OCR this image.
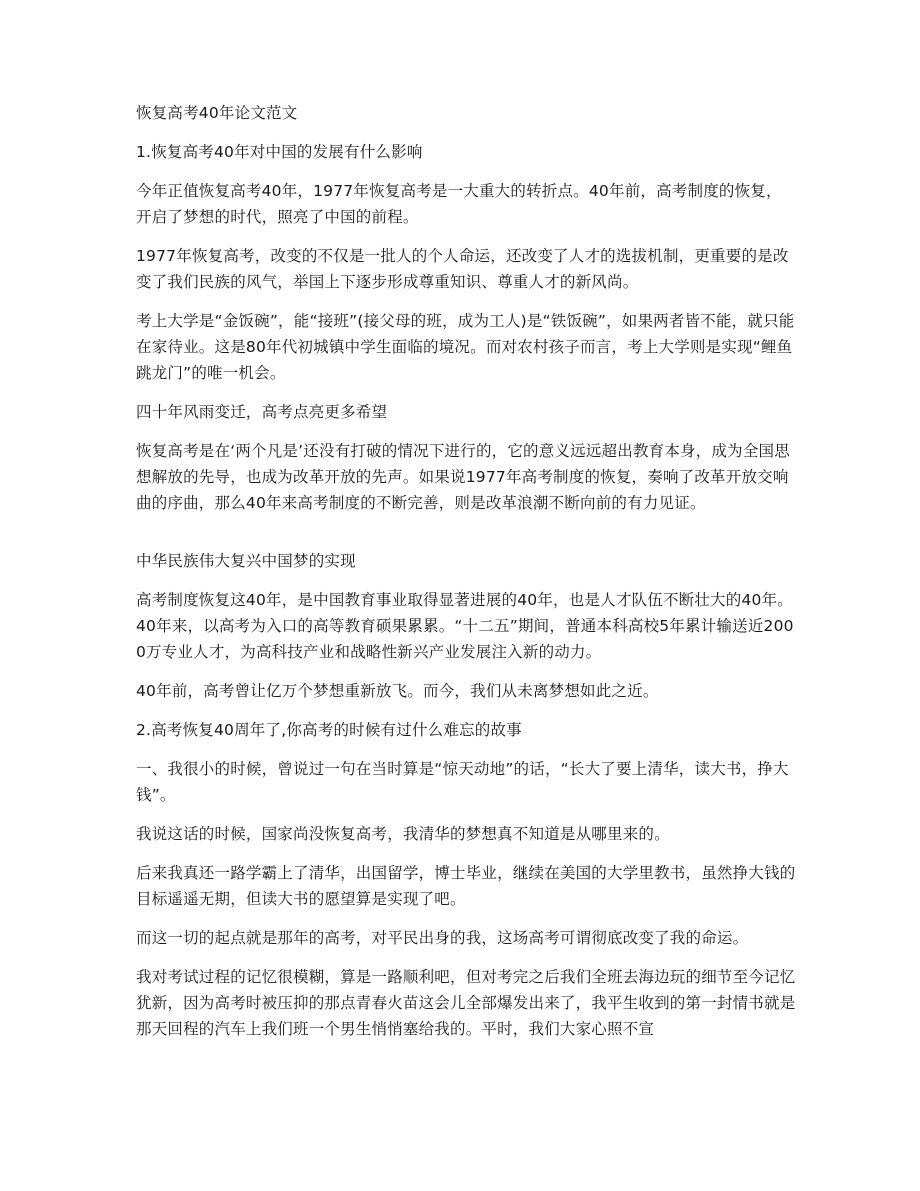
恢复高考40年论文范文

1.恢复高考40年对中国的发展有什么影响

今年正值恢复高考40年，1977年恢复高考是一大重大的转折点。40年前，高考制度的恢复，开启了梦想的时代，照亮了中国的前程。

1977年恢复高考，改变的不仅是一批人的个人命运，还改变了人才的选拔机制，更重要的是改变了我们民族的风气，举国上下逐步形成尊重知识、尊重人才的新风尚。

考上大学是“金饭碗”，能“接班”(接父母的班，成为工人)是“铁饭碗”，如果两者皆不能，就只能在家待业。这是80年代初城镇中学生面临的境况。而对农村孩子而言，考上大学则是实现“鲤鱼跳龙门”的唯一机会。

四十年风雨变迁，高考点亮更多希望

恢复高考是在‘两个凡是’还没有打破的情况下进行的，它的意义远远超出教育本身，成为全国思想解放的先导，也成为改革开放的先声。如果说1977年高考制度的恢复，奏响了改革开放交响曲的序曲，那么40年来高考制度的不断完善，则是改革浪潮不断向前的有力见证。

中华民族伟大复兴中国梦的实现

高考制度恢复这40年，是中国教育事业取得显著进展的40年，也是人才队伍不断壮大的40年。40年来，以高考为入口的高等教育硕果累累。“十二五”期间，普通本科高校5年累计输送近2000万专业人才，为高科技产业和战略性新兴产业发展注入新的动力。

40年前，高考曾让亿万个梦想重新放飞。而今，我们从未离梦想如此之近。

2.高考恢复40周年了,你高考的时候有过什么难忘的故事

一、我很小的时候，曾说过一句在当时算是“惊天动地”的话，“长大了要上清华，读大书，挣大钱”。

我说这话的时候，国家尚没恢复高考，我清华的梦想真不知道是从哪里来的。

后来我真还一路学霸上了清华，出国留学，博士毕业，继续在美国的大学里教书，虽然挣大钱的目标遥遥无期，但读大书的愿望算是实现了吧。

而这一切的起点就是那年的高考，对平民出身的我，这场高考可谓彻底改变了我的命运。

我对考试过程的记忆很模糊，算是一路顺利吧，但对考完之后我们全班去海边玩的细节至今记忆犹新，因为高考时被压抑的那点青春火苗这会儿全部爆发出来了，我平生收到的第一封情书就是那天回程的汽车上我们班一个男生悄悄塞给我的。平时，我们大家心照不宣
